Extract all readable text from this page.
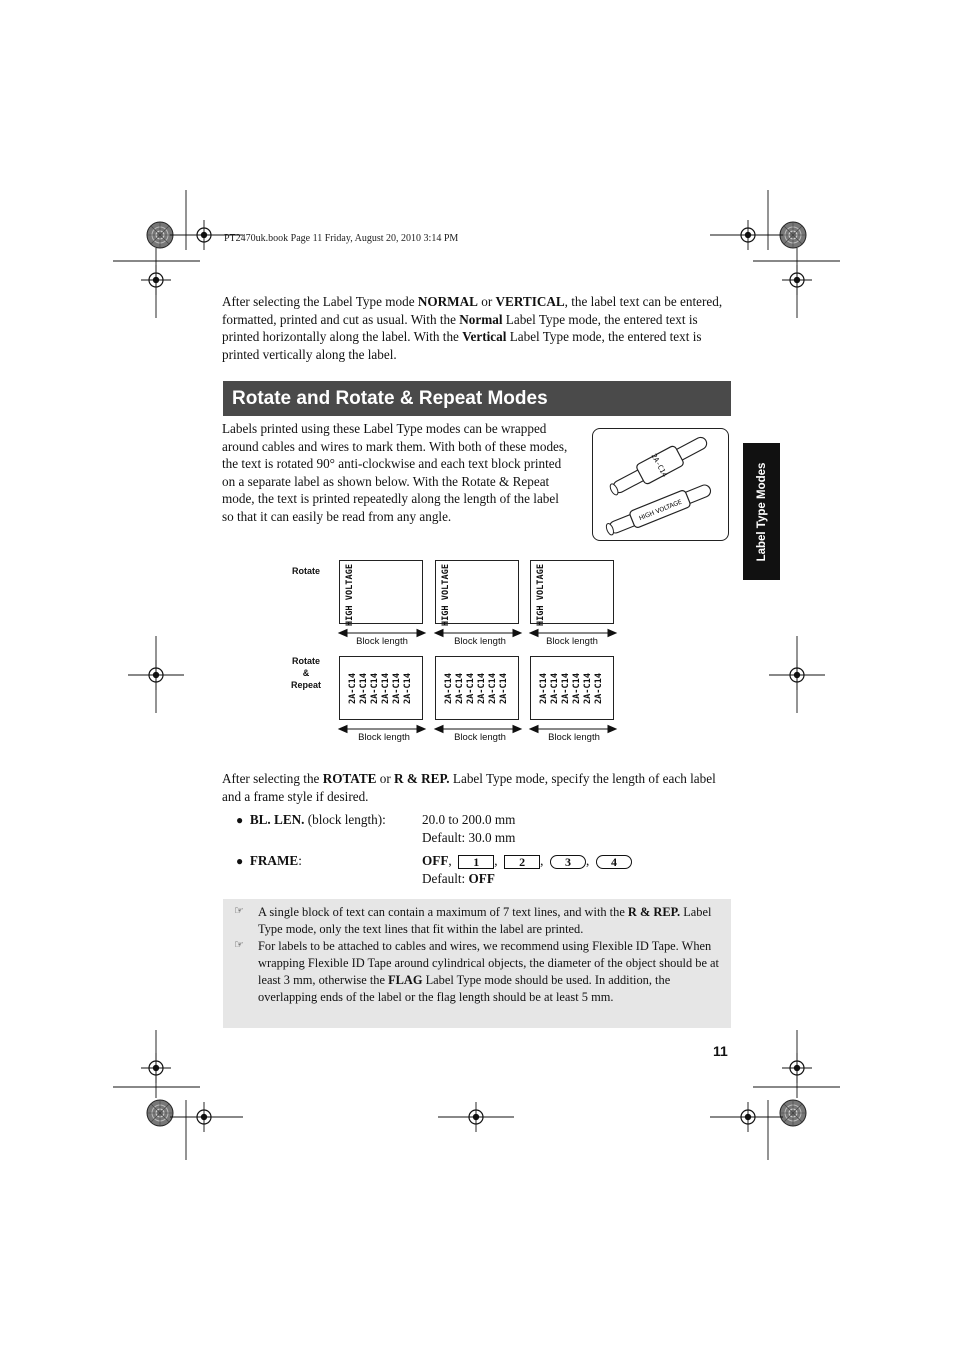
PT2470uk.book Page 11 Friday, August 20, 2010 3:14 PM
After selecting the Label Type mode NORMAL or VERTICAL, the label text can be entered, formatted, printed and cut as usual. With the Normal Label Type mode, the entered text is printed horizontally along the label. With the Vertical Label Type mode, the entered text is printed vertically along the label.
Rotate and Rotate & Repeat Modes
Labels printed using these Label Type modes can be wrapped around cables and wires to mark them. With both of these modes, the text is rotated 90° anti-clockwise and each text block printed on a separate label as shown below. With the Rotate & Repeat mode, the text is printed repeatedly along the length of the label so that it can easily be read from any angle.
2A-C14
HIGH VOLTAGE	Label Type Modes
Rotate
Rotate
&
Repeat
HIGH VOLTAGE	HIGH VOLTAGE	HIGH VOLTAGE
2A-C14 2A-C14 2A-C14 2A-C14 2A-C14 2A-C14	2A-C14 2A-C14 2A-C14 2A-C14 2A-C14 2A-C14	2A-C14 2A-C14 2A-C14 2A-C14 2A-C14 2A-C14
Block length	Block length	Block length
Block length	Block length	Block length
After selecting the ROTATE or R & REP. Label Type mode, specify the length of each label and a frame style if desired.
● BL. LEN. (block length):	20.0 to 200.0 mm
Default: 30.0 mm
● FRAME:	OFF,  1 ,  2 ,  3 ,  4
Default: OFF
☞ A single block of text can contain a maximum of 7 text lines, and with the R & REP. Label Type mode, only the text lines that fit within the label are printed.
☞ For labels to be attached to cables and wires, we recommend using Flexible ID Tape. When wrapping Flexible ID Tape around cylindrical objects, the diameter of the object should be at least 3 mm, otherwise the FLAG Label Type mode should be used. In addition, the overlapping ends of the label or the flag length should be at least 5 mm.
11
